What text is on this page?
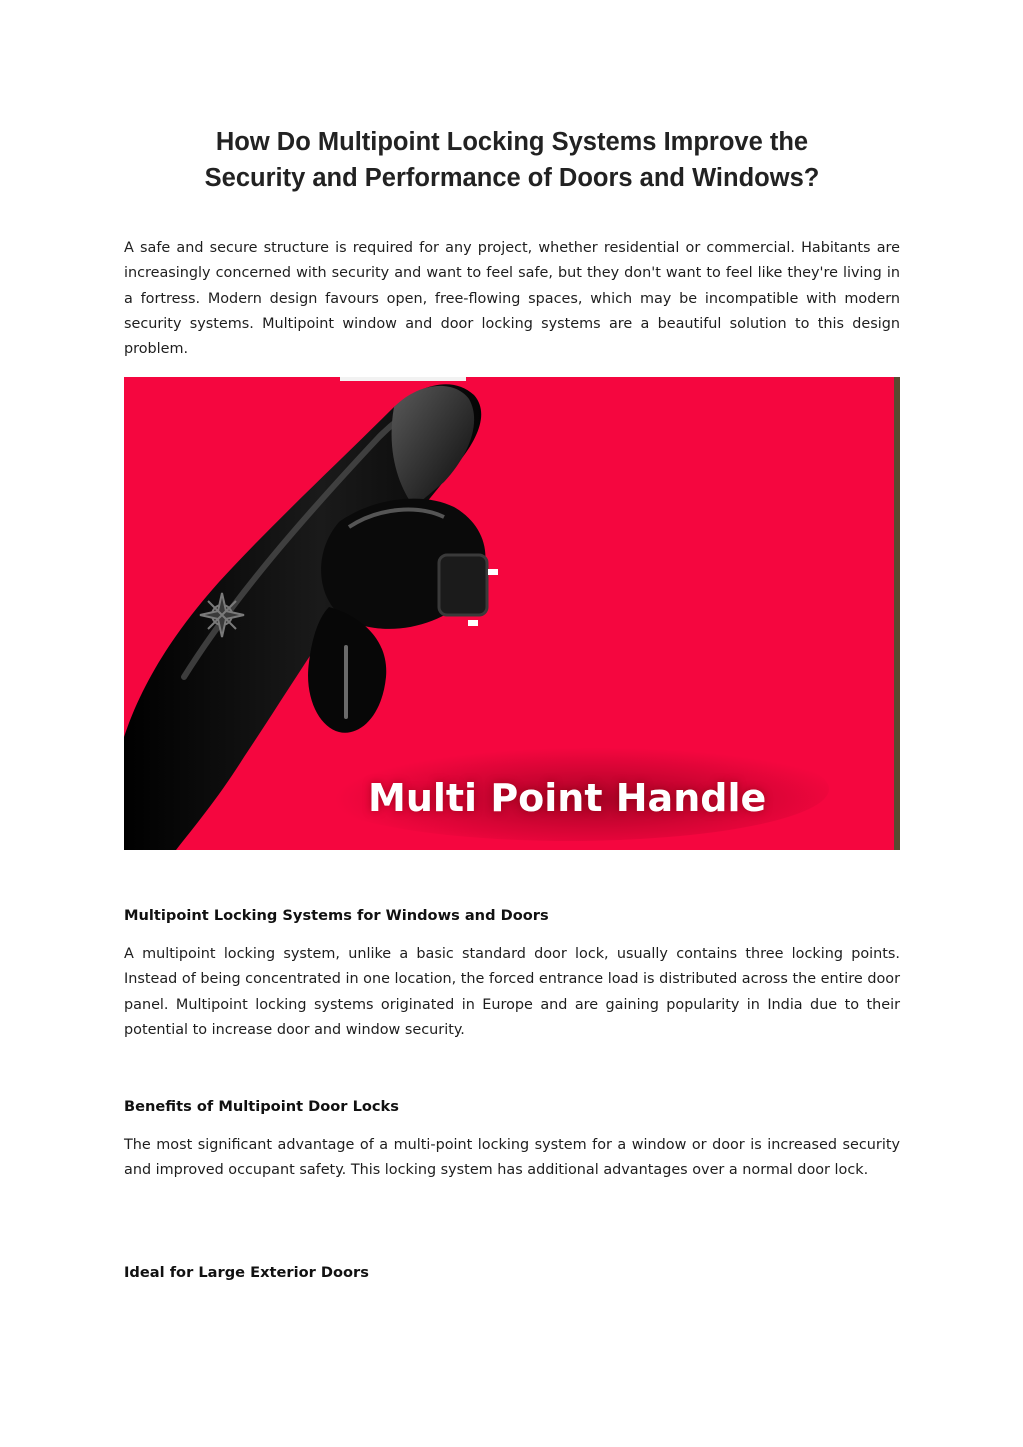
How Do Multipoint Locking Systems Improve the
Security and Performance of Doors and Windows?

A safe and secure structure is required for any project, whether residential or commercial. Habitants are increasingly concerned with security and want to feel safe, but they don't want to feel like they're living in a fortress. Modern design favours open, free-flowing spaces, which may be incompatible with modern security systems. Multipoint window and door locking systems are a beautiful solution to this design problem.

Multi Point Handle
Multipoint Locking Systems for Windows and Doors

A multipoint locking system, unlike a basic standard door lock, usually contains three locking points. Instead of being concentrated in one location, the forced entrance load is distributed across the entire door panel. Multipoint locking systems originated in Europe and are gaining popularity in India due to their potential to increase door and window security.

Benefits of Multipoint Door Locks

The most significant advantage of a multi-point locking system for a window or door is increased security and improved occupant safety. This locking system has additional advantages over a normal door lock.

Ideal for Large Exterior Doors
